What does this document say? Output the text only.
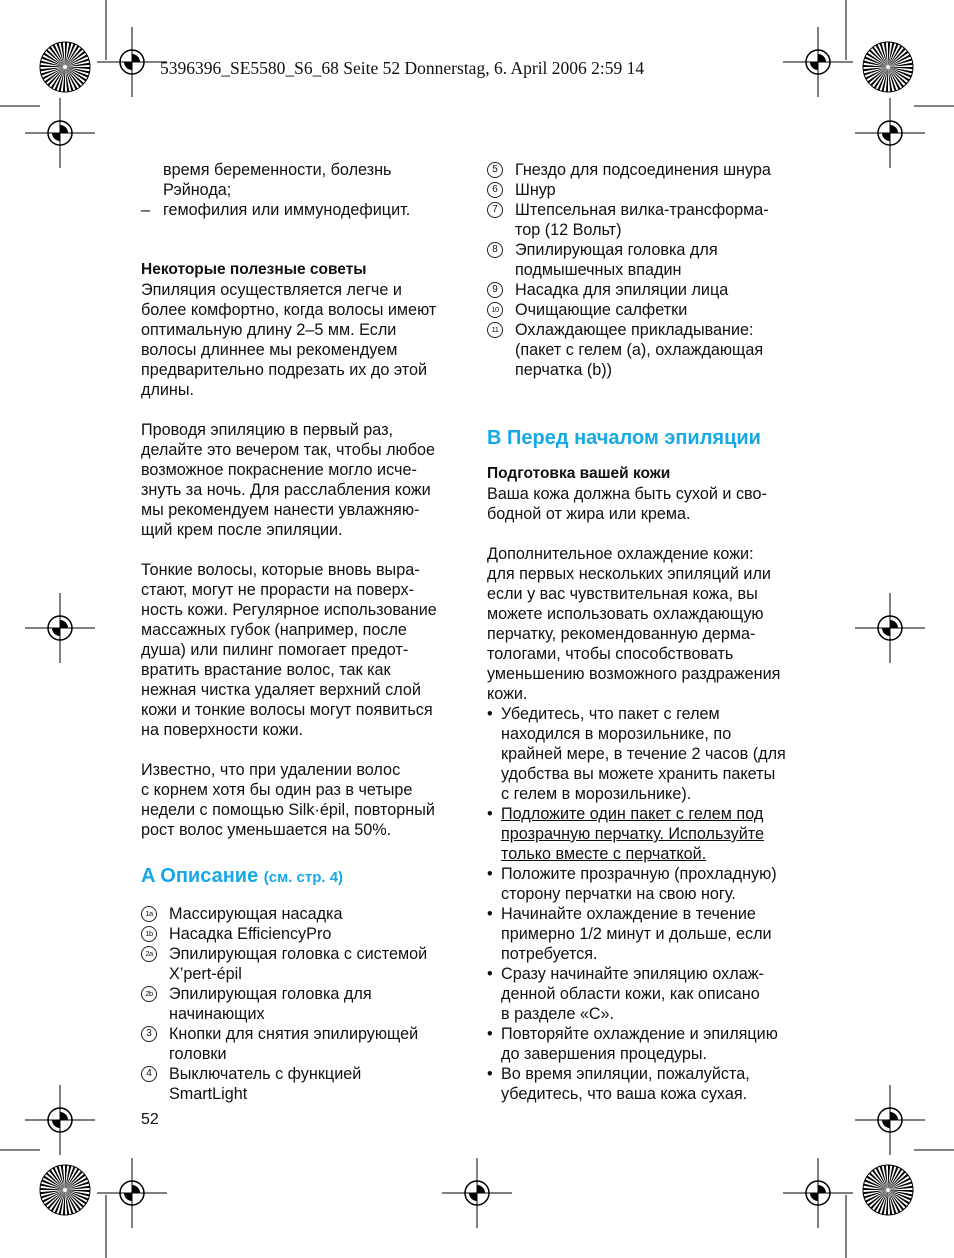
5396396_SE5580_S6_68 Seite 52 Donnerstag, 6. April 2006 2:59 14
время беременности, болезнь
Рэйнода;
– гемофилия или иммунодефицит.
Некоторые полезные советы
Эпиляция осуществляется легче и
более комфортно, когда волосы имеют
оптимальную длину 2–5 мм. Если
волосы длиннее мы рекомендуем
предварительно подрезать их до этой
длины.
Проводя эпиляцию в первый раз,
делайте это вечером так, чтобы любое
возможное покраснение могло исче-
знуть за ночь. Для расслабления кожи
мы рекомендуем нанести увлажняю-
щий крем после эпиляции.
Тонкие волосы, которые вновь выра-
стают, могут не прорасти на поверх-
ность кожи. Регулярное использование
массажных губок (например, после
душа) или пилинг помогает предот-
вратить врастание волос, так как
нежная чистка удаляет верхний слой
кожи и тонкие волосы могут появиться
на поверхности кожи.
Известно, что при удалении волос
с корнем хотя бы один раз в четыре
недели с помощью Silk·épil, повторный
рост волос уменьшается на 50%.
A Описание (см. стр. 4)
1a Массирующая насадка
1b Насадка EfficiencyPro
2a Эпилирующая головка с системой
X’pert-épil
2b Эпилирующая головка для
начинающих
3	Кнопки для снятия эпилирующей
головки
4	Выключатель с функцией
SmartLight
5	Гнездо для подсоединения шнура
6	Шнур
7	Штепсельная вилка-трансформа-
тор (12 Вольт)
8	Эпилирующая головка для
подмышечных впадин
9	Насадка для эпиляции лица
10 Очищающие салфетки
11 Охлаждающее прикладывание:
(пакет с гелем (a), охлаждающая
перчатка (b))
B Перед началом эпиляции
Подготовка вашей кожи
Ваша кожа должна быть сухой и сво-
бодной от жира или крема.
Дополнительное охлаждение кожи:
для первых нескольких эпиляций или
если у вас чувствительная кожа, вы
можете использовать охлаждающую
перчатку, рекомендованную дерма-
тологами, чтобы способствовать
уменьшению возможного раздражения
кожи.
• Убедитесь, что пакет с гелем
находился в морозильнике, по
крайней мере, в течение 2 часов (для
удобства вы можете хранить пакеты
с гелем в морозильнике).
• Подложите один пакет с гелем под
прозрачную перчатку. Используйте
только вместе с перчаткой.
• Положите прозрачную (прохладную)
сторону перчатки на свою ногу.
• Начинайте охлаждение в течение
примерно 1/2 минут и дольше, если
потребуется.
• Сразу начинайте эпиляцию охлаж-
денной области кожи, как описано
в разделе «C».
• Повторяйте охлаждение и эпиляцию
до завершения процедуры.
• Во время эпиляции, пожалуйста,
убедитесь, что ваша кожа сухая.
52
